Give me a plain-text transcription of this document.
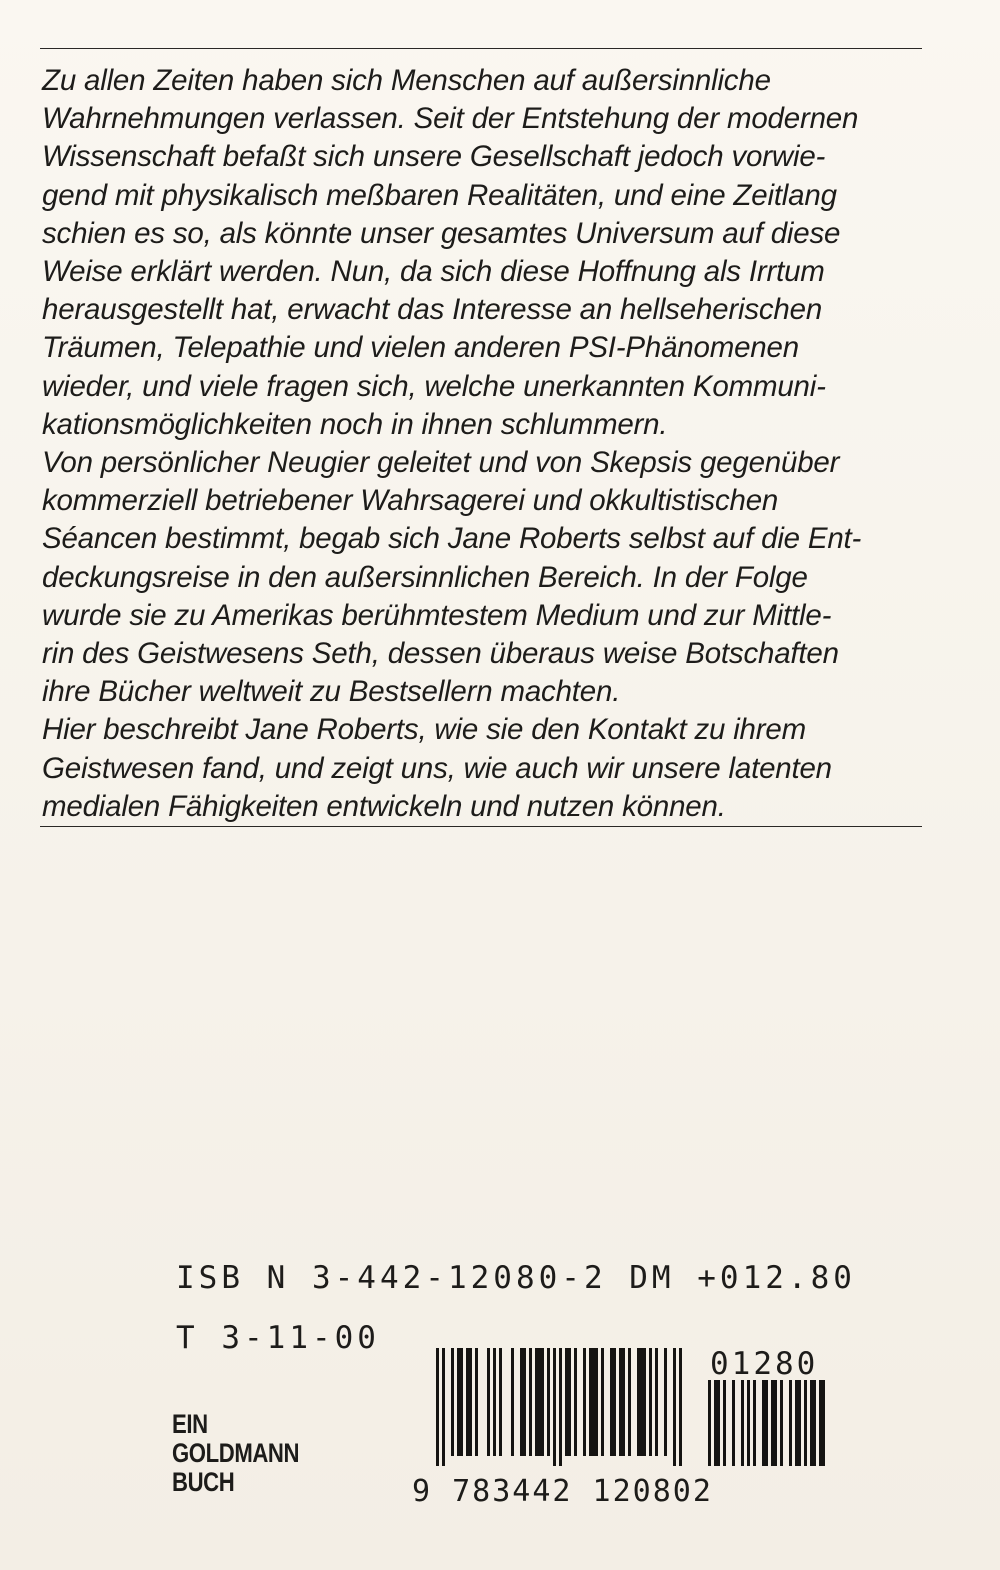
Zu allen Zeiten haben sich Menschen auf außersinnliche
Wahrnehmungen verlassen. Seit der Entstehung der modernen
Wissenschaft befaßt sich unsere Gesellschaft jedoch vorwie-
gend mit physikalisch meßbaren Realitäten, und eine Zeitlang
schien es so, als könnte unser gesamtes Universum auf diese
Weise erklärt werden. Nun, da sich diese Hoffnung als Irrtum
herausgestellt hat, erwacht das Interesse an hellseherischen
Träumen, Telepathie und vielen anderen PSI-Phänomenen
wieder, und viele fragen sich, welche unerkannten Kommuni-
kationsmöglichkeiten noch in ihnen schlummern.
Von persönlicher Neugier geleitet und von Skepsis gegenüber
kommerziell betriebener Wahrsagerei und okkultistischen
Séancen bestimmt, begab sich Jane Roberts selbst auf die Ent-
deckungsreise in den außersinnlichen Bereich. In der Folge
wurde sie zu Amerikas berühmtestem Medium und zur Mittle-
rin des Geistwesens Seth, dessen überaus weise Botschaften
ihre Bücher weltweit zu Bestsellern machten.
Hier beschreibt Jane Roberts, wie sie den Kontakt zu ihrem
Geistwesen fand, und zeigt uns, wie auch wir unsere latenten
medialen Fähigkeiten entwickeln und nutzen können.
ISB N 3-442-12080-2 DM +012.80
T 3-11-00
EIN
GOLDMANN
BUCH
01280
9 783442 120802
